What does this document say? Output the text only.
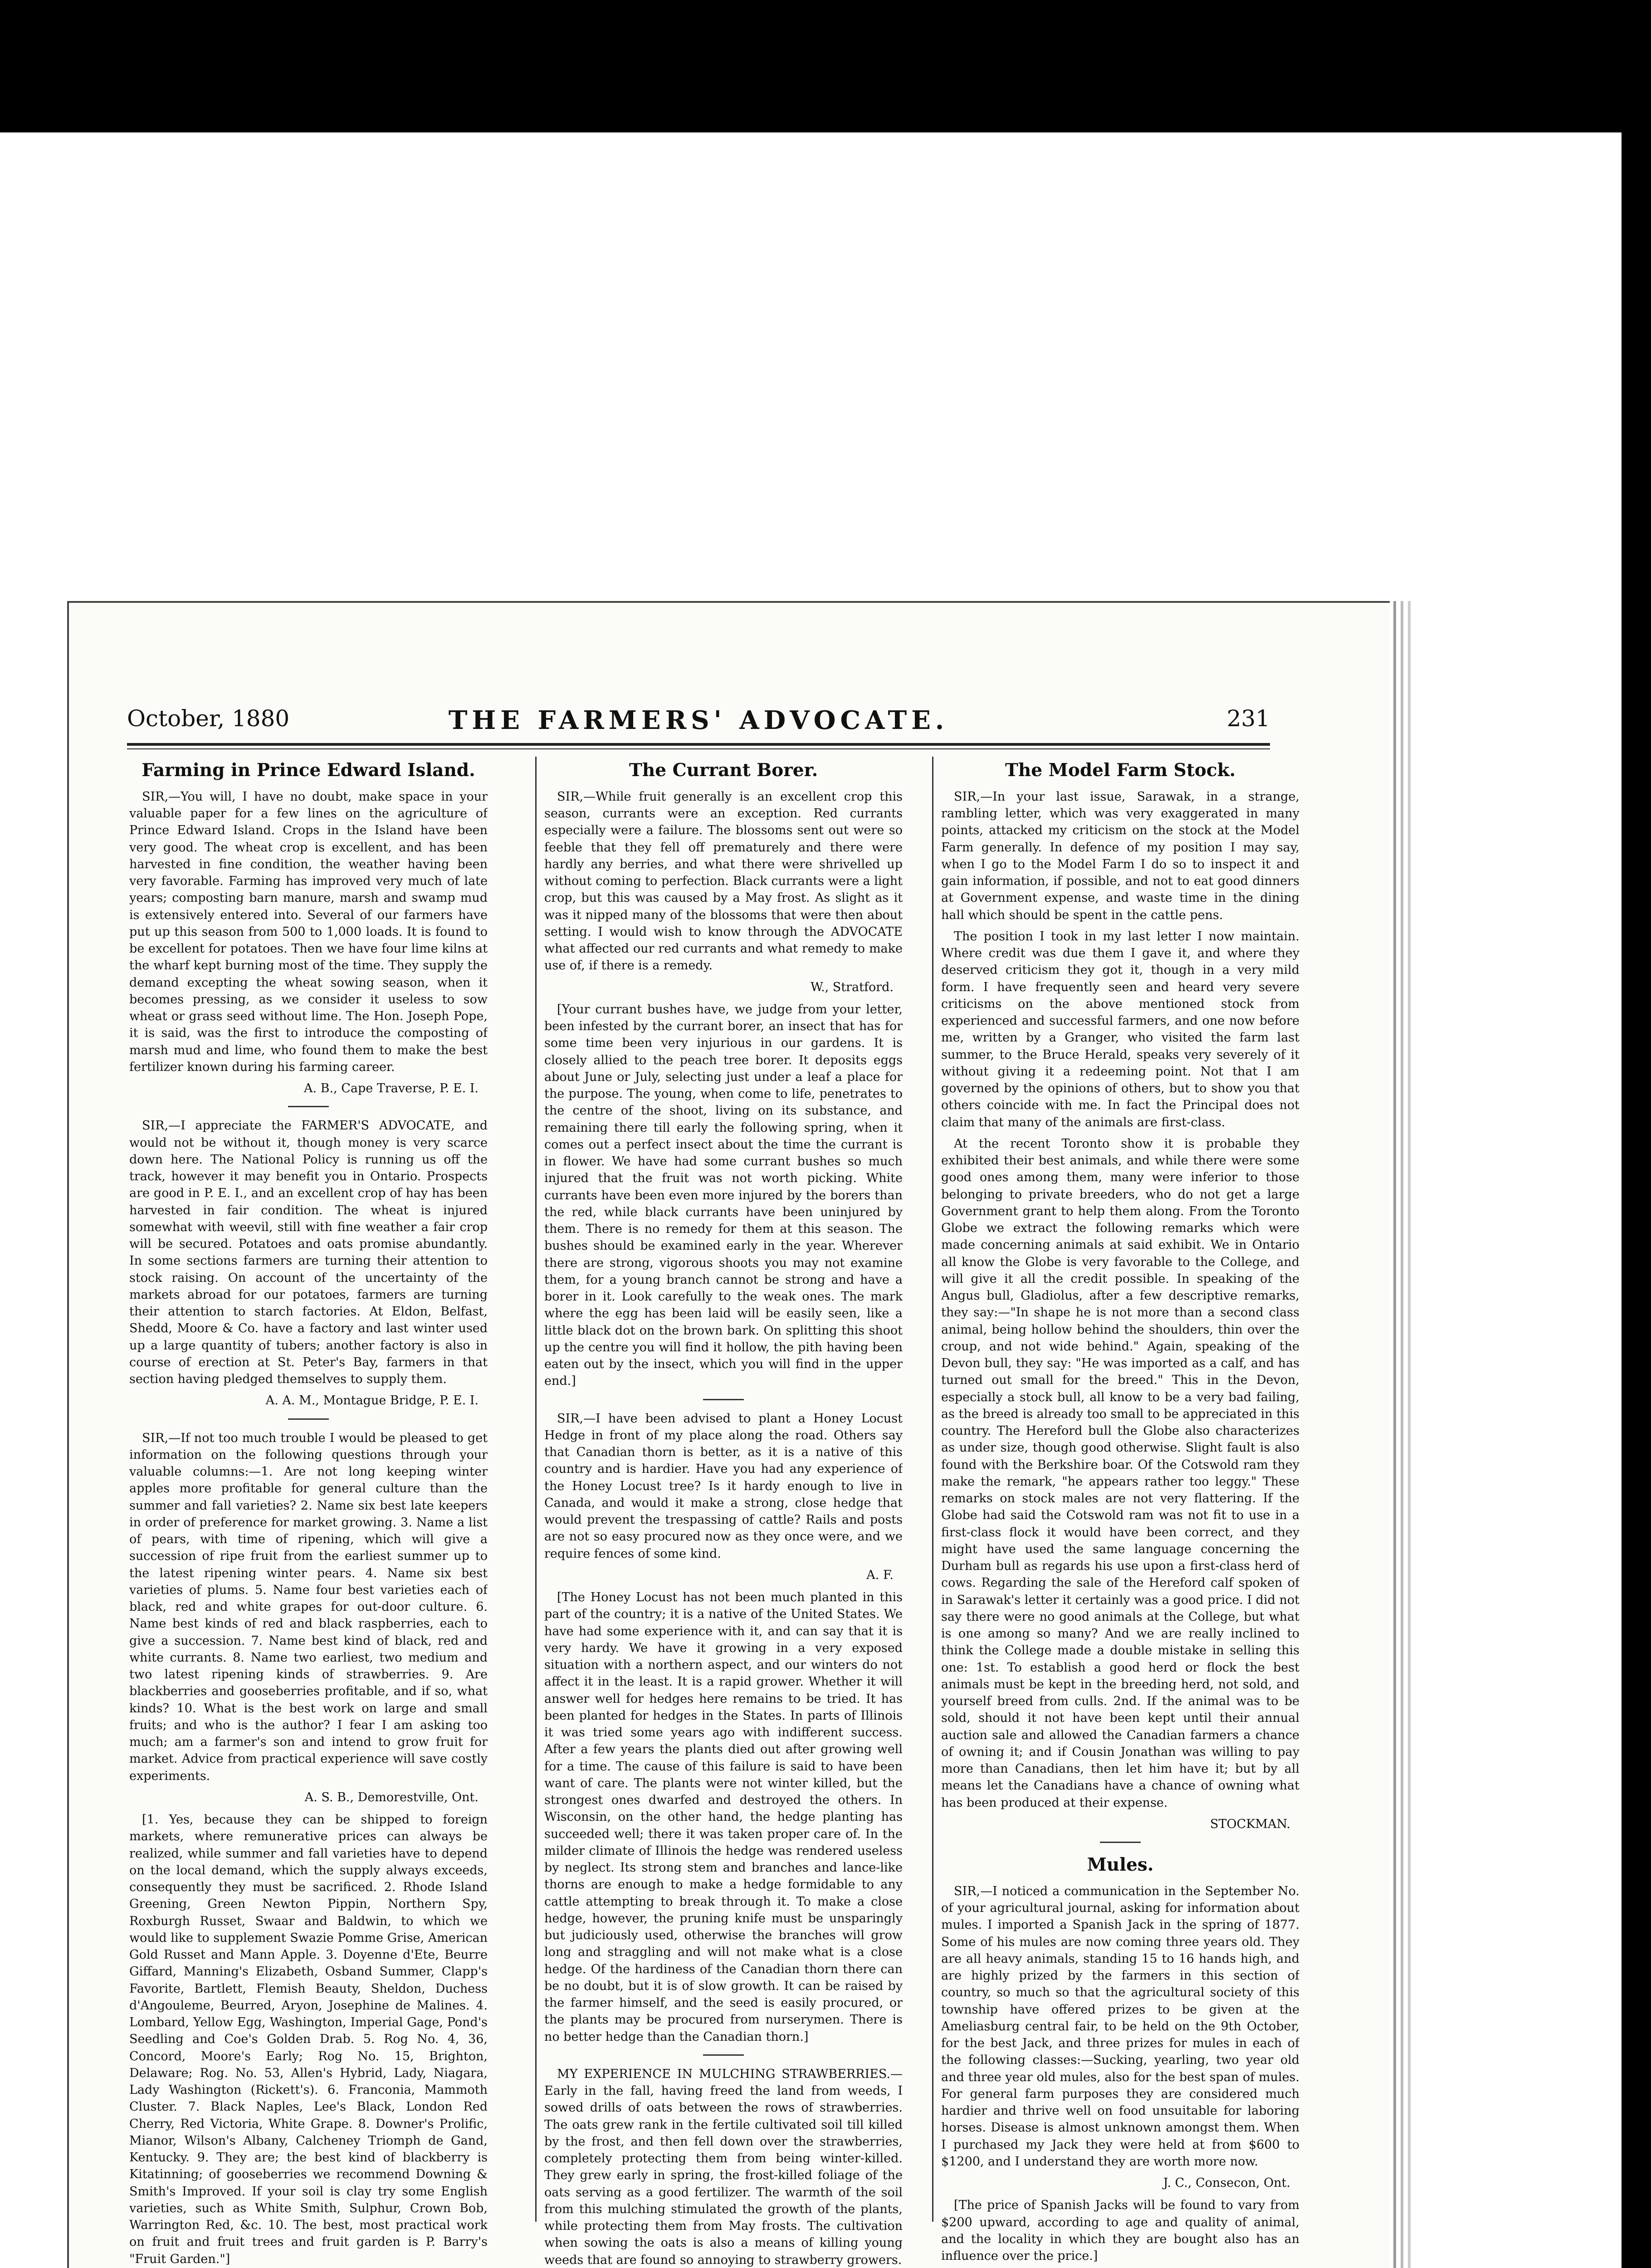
October, 1880	THE FARMERS' ADVOCATE.	231
Farming in Prince Edward Island.

SIR,—You will, I have no doubt, make space in your valuable paper for a few lines on the agriculture of Prince Edward Island. Crops in the Island have been very good. The wheat crop is excellent, and has been harvested in fine condition, the weather having been very favorable. Farming has improved very much of late years; composting barn manure, marsh and swamp mud is extensively entered into. Several of our farmers have put up this season from 500 to 1,000 loads. It is found to be excellent for potatoes. Then we have four lime kilns at the wharf kept burning most of the time. They supply the demand excepting the wheat sowing season, when it becomes pressing, as we consider it useless to sow wheat or grass seed without lime. The Hon. Joseph Pope, it is said, was the first to introduce the composting of marsh mud and lime, who found them to make the best fertilizer known during his farming career.

A. B., Cape Traverse, P. E. I.

SIR,—I appreciate the FARMER'S ADVOCATE, and would not be without it, though money is very scarce down here. The National Policy is running us off the track, however it may benefit you in Ontario. Prospects are good in P. E. I., and an excellent crop of hay has been harvested in fair condition. The wheat is injured somewhat with weevil, still with fine weather a fair crop will be secured. Potatoes and oats promise abundantly. In some sections farmers are turning their attention to stock raising. On account of the uncertainty of the markets abroad for our potatoes, farmers are turning their attention to starch factories. At Eldon, Belfast, Shedd, Moore & Co. have a factory and last winter used up a large quantity of tubers; another factory is also in course of erection at St. Peter's Bay, farmers in that section having pledged themselves to supply them.

A. A. M., Montague Bridge, P. E. I.

SIR,—If not too much trouble I would be pleased to get information on the following questions through your valuable columns:—1. Are not long keeping winter apples more profitable for general culture than the summer and fall varieties? 2. Name six best late keepers in order of preference for market growing. 3. Name a list of pears, with time of ripening, which will give a succession of ripe fruit from the earliest summer up to the latest ripening winter pears. 4. Name six best varieties of plums. 5. Name four best varieties each of black, red and white grapes for out-door culture. 6. Name best kinds of red and black raspberries, each to give a succession. 7. Name best kind of black, red and white currants. 8. Name two earliest, two medium and two latest ripening kinds of strawberries. 9. Are blackberries and gooseberries profitable, and if so, what kinds? 10. What is the best work on large and small fruits; and who is the author? I fear I am asking too much; am a farmer's son and intend to grow fruit for market. Advice from practical experience will save costly experiments.

A. S. B., Demorestville, Ont.

[1. Yes, because they can be shipped to foreign markets, where remunerative prices can always be realized, while summer and fall varieties have to depend on the local demand, which the supply always exceeds, consequently they must be sacrificed. 2. Rhode Island Greening, Green Newton Pippin, Northern Spy, Roxburgh Russet, Swaar and Baldwin, to which we would like to supplement Swazie Pomme Grise, American Gold Russet and Mann Apple. 3. Doyenne d'Ete, Beurre Giffard, Manning's Elizabeth, Osband Summer, Clapp's Favorite, Bartlett, Flemish Beauty, Sheldon, Duchess d'Angouleme, Beurred, Aryon, Josephine de Malines. 4. Lombard, Yellow Egg, Washington, Imperial Gage, Pond's Seedling and Coe's Golden Drab. 5. Rog No. 4, 36, Concord, Moore's Early; Rog No. 15, Brighton, Delaware; Rog. No. 53, Allen's Hybrid, Lady, Niagara, Lady Washington (Rickett's). 6. Franconia, Mammoth Cluster. 7. Black Naples, Lee's Black, London Red Cherry, Red Victoria, White Grape. 8. Downer's Prolific, Mianor, Wilson's Albany, Calcheney Triomph de Gand, Kentucky. 9. They are; the best kind of blackberry is Kitatinning; of gooseberries we recommend Downing & Smith's Improved. If your soil is clay try some English varieties, such as White Smith, Sulphur, Crown Bob, Warrington Red, &c. 10. The best, most practical work on fruit and fruit trees and fruit garden is P. Barry's "Fruit Garden."]

The Currant Borer.

SIR,—While fruit generally is an excellent crop this season, currants were an exception. Red currants especially were a failure. The blossoms sent out were so feeble that they fell off prematurely and there were hardly any berries, and what there were shrivelled up without coming to perfection. Black currants were a light crop, but this was caused by a May frost. As slight as it was it nipped many of the blossoms that were then about setting. I would wish to know through the ADVOCATE what affected our red currants and what remedy to make use of, if there is a remedy.

W., Stratford.

[Your currant bushes have, we judge from your letter, been infested by the currant borer, an insect that has for some time been very injurious in our gardens. It is closely allied to the peach tree borer. It deposits eggs about June or July, selecting just under a leaf a place for the purpose. The young, when come to life, penetrates to the centre of the shoot, living on its substance, and remaining there till early the following spring, when it comes out a perfect insect about the time the currant is in flower. We have had some currant bushes so much injured that the fruit was not worth picking. White currants have been even more injured by the borers than the red, while black currants have been uninjured by them. There is no remedy for them at this season. The bushes should be examined early in the year. Wherever there are strong, vigorous shoots you may not examine them, for a young branch cannot be strong and have a borer in it. Look carefully to the weak ones. The mark where the egg has been laid will be easily seen, like a little black dot on the brown bark. On splitting this shoot up the centre you will find it hollow, the pith having been eaten out by the insect, which you will find in the upper end.]

SIR,—I have been advised to plant a Honey Locust Hedge in front of my place along the road. Others say that Canadian thorn is better, as it is a native of this country and is hardier. Have you had any experience of the Honey Locust tree? Is it hardy enough to live in Canada, and would it make a strong, close hedge that would prevent the trespassing of cattle? Rails and posts are not so easy procured now as they once were, and we require fences of some kind.

A. F.

[The Honey Locust has not been much planted in this part of the country; it is a native of the United States. We have had some experience with it, and can say that it is very hardy. We have it growing in a very exposed situation with a northern aspect, and our winters do not affect it in the least. It is a rapid grower. Whether it will answer well for hedges here remains to be tried. It has been planted for hedges in the States. In parts of Illinois it was tried some years ago with indifferent success. After a few years the plants died out after growing well for a time. The cause of this failure is said to have been want of care. The plants were not winter killed, but the strongest ones dwarfed and destroyed the others. In Wisconsin, on the other hand, the hedge planting has succeeded well; there it was taken proper care of. In the milder climate of Illinois the hedge was rendered useless by neglect. Its strong stem and branches and lance-like thorns are enough to make a hedge formidable to any cattle attempting to break through it. To make a close hedge, however, the pruning knife must be unsparingly but judiciously used, otherwise the branches will grow long and straggling and will not make what is a close hedge. Of the hardiness of the Canadian thorn there can be no doubt, but it is of slow growth. It can be raised by the farmer himself, and the seed is easily procured, or the plants may be procured from nurserymen. There is no better hedge than the Canadian thorn.]

MY EXPERIENCE IN MULCHING STRAWBERRIES.—Early in the fall, having freed the land from weeds, I sowed drills of oats between the rows of strawberries. The oats grew rank in the fertile cultivated soil till killed by the frost, and then fell down over the strawberries, completely protecting them from being winter-killed. They grew early in spring, the frost-killed foliage of the oats serving as a good fertilizer. The warmth of the soil from this mulching stimulated the growth of the plants, while protecting them from May frosts. The cultivation when sowing the oats is also a means of killing young weeds that are found so annoying to strawberry growers.

The Model Farm Stock.

SIR,—In your last issue, Sarawak, in a strange, rambling letter, which was very exaggerated in many points, attacked my criticism on the stock at the Model Farm generally. In defence of my position I may say, when I go to the Model Farm I do so to inspect it and gain information, if possible, and not to eat good dinners at Government expense, and waste time in the dining hall which should be spent in the cattle pens.

The position I took in my last letter I now maintain. Where credit was due them I gave it, and where they deserved criticism they got it, though in a very mild form. I have frequently seen and heard very severe criticisms on the above mentioned stock from experienced and successful farmers, and one now before me, written by a Granger, who visited the farm last summer, to the Bruce Herald, speaks very severely of it without giving it a redeeming point. Not that I am governed by the opinions of others, but to show you that others coincide with me. In fact the Principal does not claim that many of the animals are first-class.

At the recent Toronto show it is probable they exhibited their best animals, and while there were some good ones among them, many were inferior to those belonging to private breeders, who do not get a large Government grant to help them along. From the Toronto Globe we extract the following remarks which were made concerning animals at said exhibit. We in Ontario all know the Globe is very favorable to the College, and will give it all the credit possible. In speaking of the Angus bull, Gladiolus, after a few descriptive remarks, they say:—"In shape he is not more than a second class animal, being hollow behind the shoulders, thin over the croup, and not wide behind." Again, speaking of the Devon bull, they say: "He was imported as a calf, and has turned out small for the breed." This in the Devon, especially a stock bull, all know to be a very bad failing, as the breed is already too small to be appreciated in this country. The Hereford bull the Globe also characterizes as under size, though good otherwise. Slight fault is also found with the Berkshire boar. Of the Cotswold ram they make the remark, "he appears rather too leggy." These remarks on stock males are not very flattering. If the Globe had said the Cotswold ram was not fit to use in a first-class flock it would have been correct, and they might have used the same language concerning the Durham bull as regards his use upon a first-class herd of cows. Regarding the sale of the Hereford calf spoken of in Sarawak's letter it certainly was a good price. I did not say there were no good animals at the College, but what is one among so many? And we are really inclined to think the College made a double mistake in selling this one: 1st. To establish a good herd or flock the best animals must be kept in the breeding herd, not sold, and yourself breed from culls. 2nd. If the animal was to be sold, should it not have been kept until their annual auction sale and allowed the Canadian farmers a chance of owning it; and if Cousin Jonathan was willing to pay more than Canadians, then let him have it; but by all means let the Canadians have a chance of owning what has been produced at their expense.

STOCKMAN.
Mules.

SIR,—I noticed a communication in the September No. of your agricultural journal, asking for information about mules. I imported a Spanish Jack in the spring of 1877. Some of his mules are now coming three years old. They are all heavy animals, standing 15 to 16 hands high, and are highly prized by the farmers in this section of country, so much so that the agricultural society of this township have offered prizes to be given at the Ameliasburg central fair, to be held on the 9th October, for the best Jack, and three prizes for mules in each of the following classes:—Sucking, yearling, two year old and three year old mules, also for the best span of mules. For general farm purposes they are considered much hardier and thrive well on food unsuitable for laboring horses. Disease is almost unknown amongst them. When I purchased my Jack they were held at from $600 to $1200, and I understand they are worth more now.

J. C., Consecon, Ont.

[The price of Spanish Jacks will be found to vary from $200 upward, according to age and quality of animal, and the locality in which they are bought also has an influence over the price.]
